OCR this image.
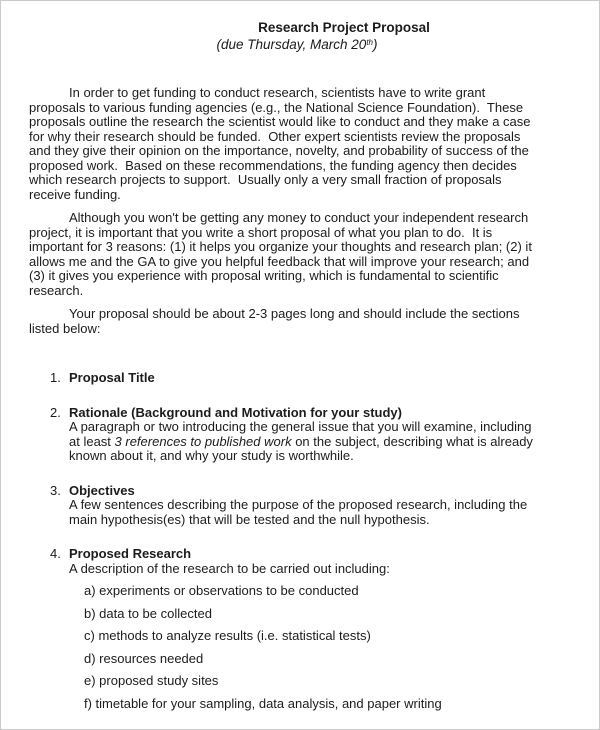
Research Project Proposal
(due Thursday, March 20th)
In order to get funding to conduct research, scientists have to write grant
proposals to various funding agencies (e.g., the National Science Foundation).  These
proposals outline the research the scientist would like to conduct and they make a case
for why their research should be funded.  Other expert scientists review the proposals
and they give their opinion on the importance, novelty, and probability of success of the
proposed work.  Based on these recommendations, the funding agency then decides
which research projects to support.  Usually only a very small fraction of proposals
receive funding.
Although you won't be getting any money to conduct your independent research
project, it is important that you write a short proposal of what you plan to do.  It is
important for 3 reasons: (1) it helps you organize your thoughts and research plan; (2) it
allows me and the GA to give you helpful feedback that will improve your research; and
(3) it gives you experience with proposal writing, which is fundamental to scientific
research.
Your proposal should be about 2-3 pages long and should include the sections
listed below:
1. Proposal Title
2. Rationale (Background and Motivation for your study)
A paragraph or two introducing the general issue that you will examine, including
at least 3 references to published work on the subject, describing what is already
known about it, and why your study is worthwhile.
3. Objectives
A few sentences describing the purpose of the proposed research, including the
main hypothesis(es) that will be tested and the null hypothesis.
4. Proposed Research
A description of the research to be carried out including:
a) experiments or observations to be conducted
b) data to be collected
c) methods to analyze results (i.e. statistical tests)
d) resources needed
e) proposed study sites
f) timetable for your sampling, data analysis, and paper writing
